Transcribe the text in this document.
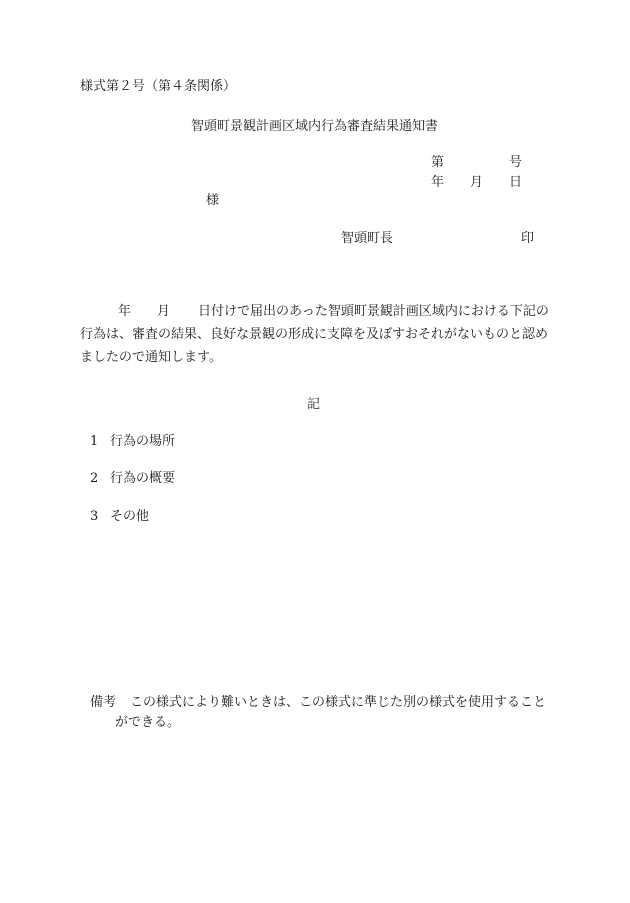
様式第２号（第４条関係）
智頭町景観計画区域内行為審査結果通知書
第	号
年 月 日
様
智頭町長	印
年 月 日付けで届出のあった智頭町景観計画区域内における下記の
行為は、審査の結果、良好な景観の形成に支障を及ぼすおそれがないものと認め
ましたので通知します。
記
1 行為の場所
2 行為の概要
3 その他
備考 この様式により難いときは、この様式に準じた別の様式を使用すること
ができる。
